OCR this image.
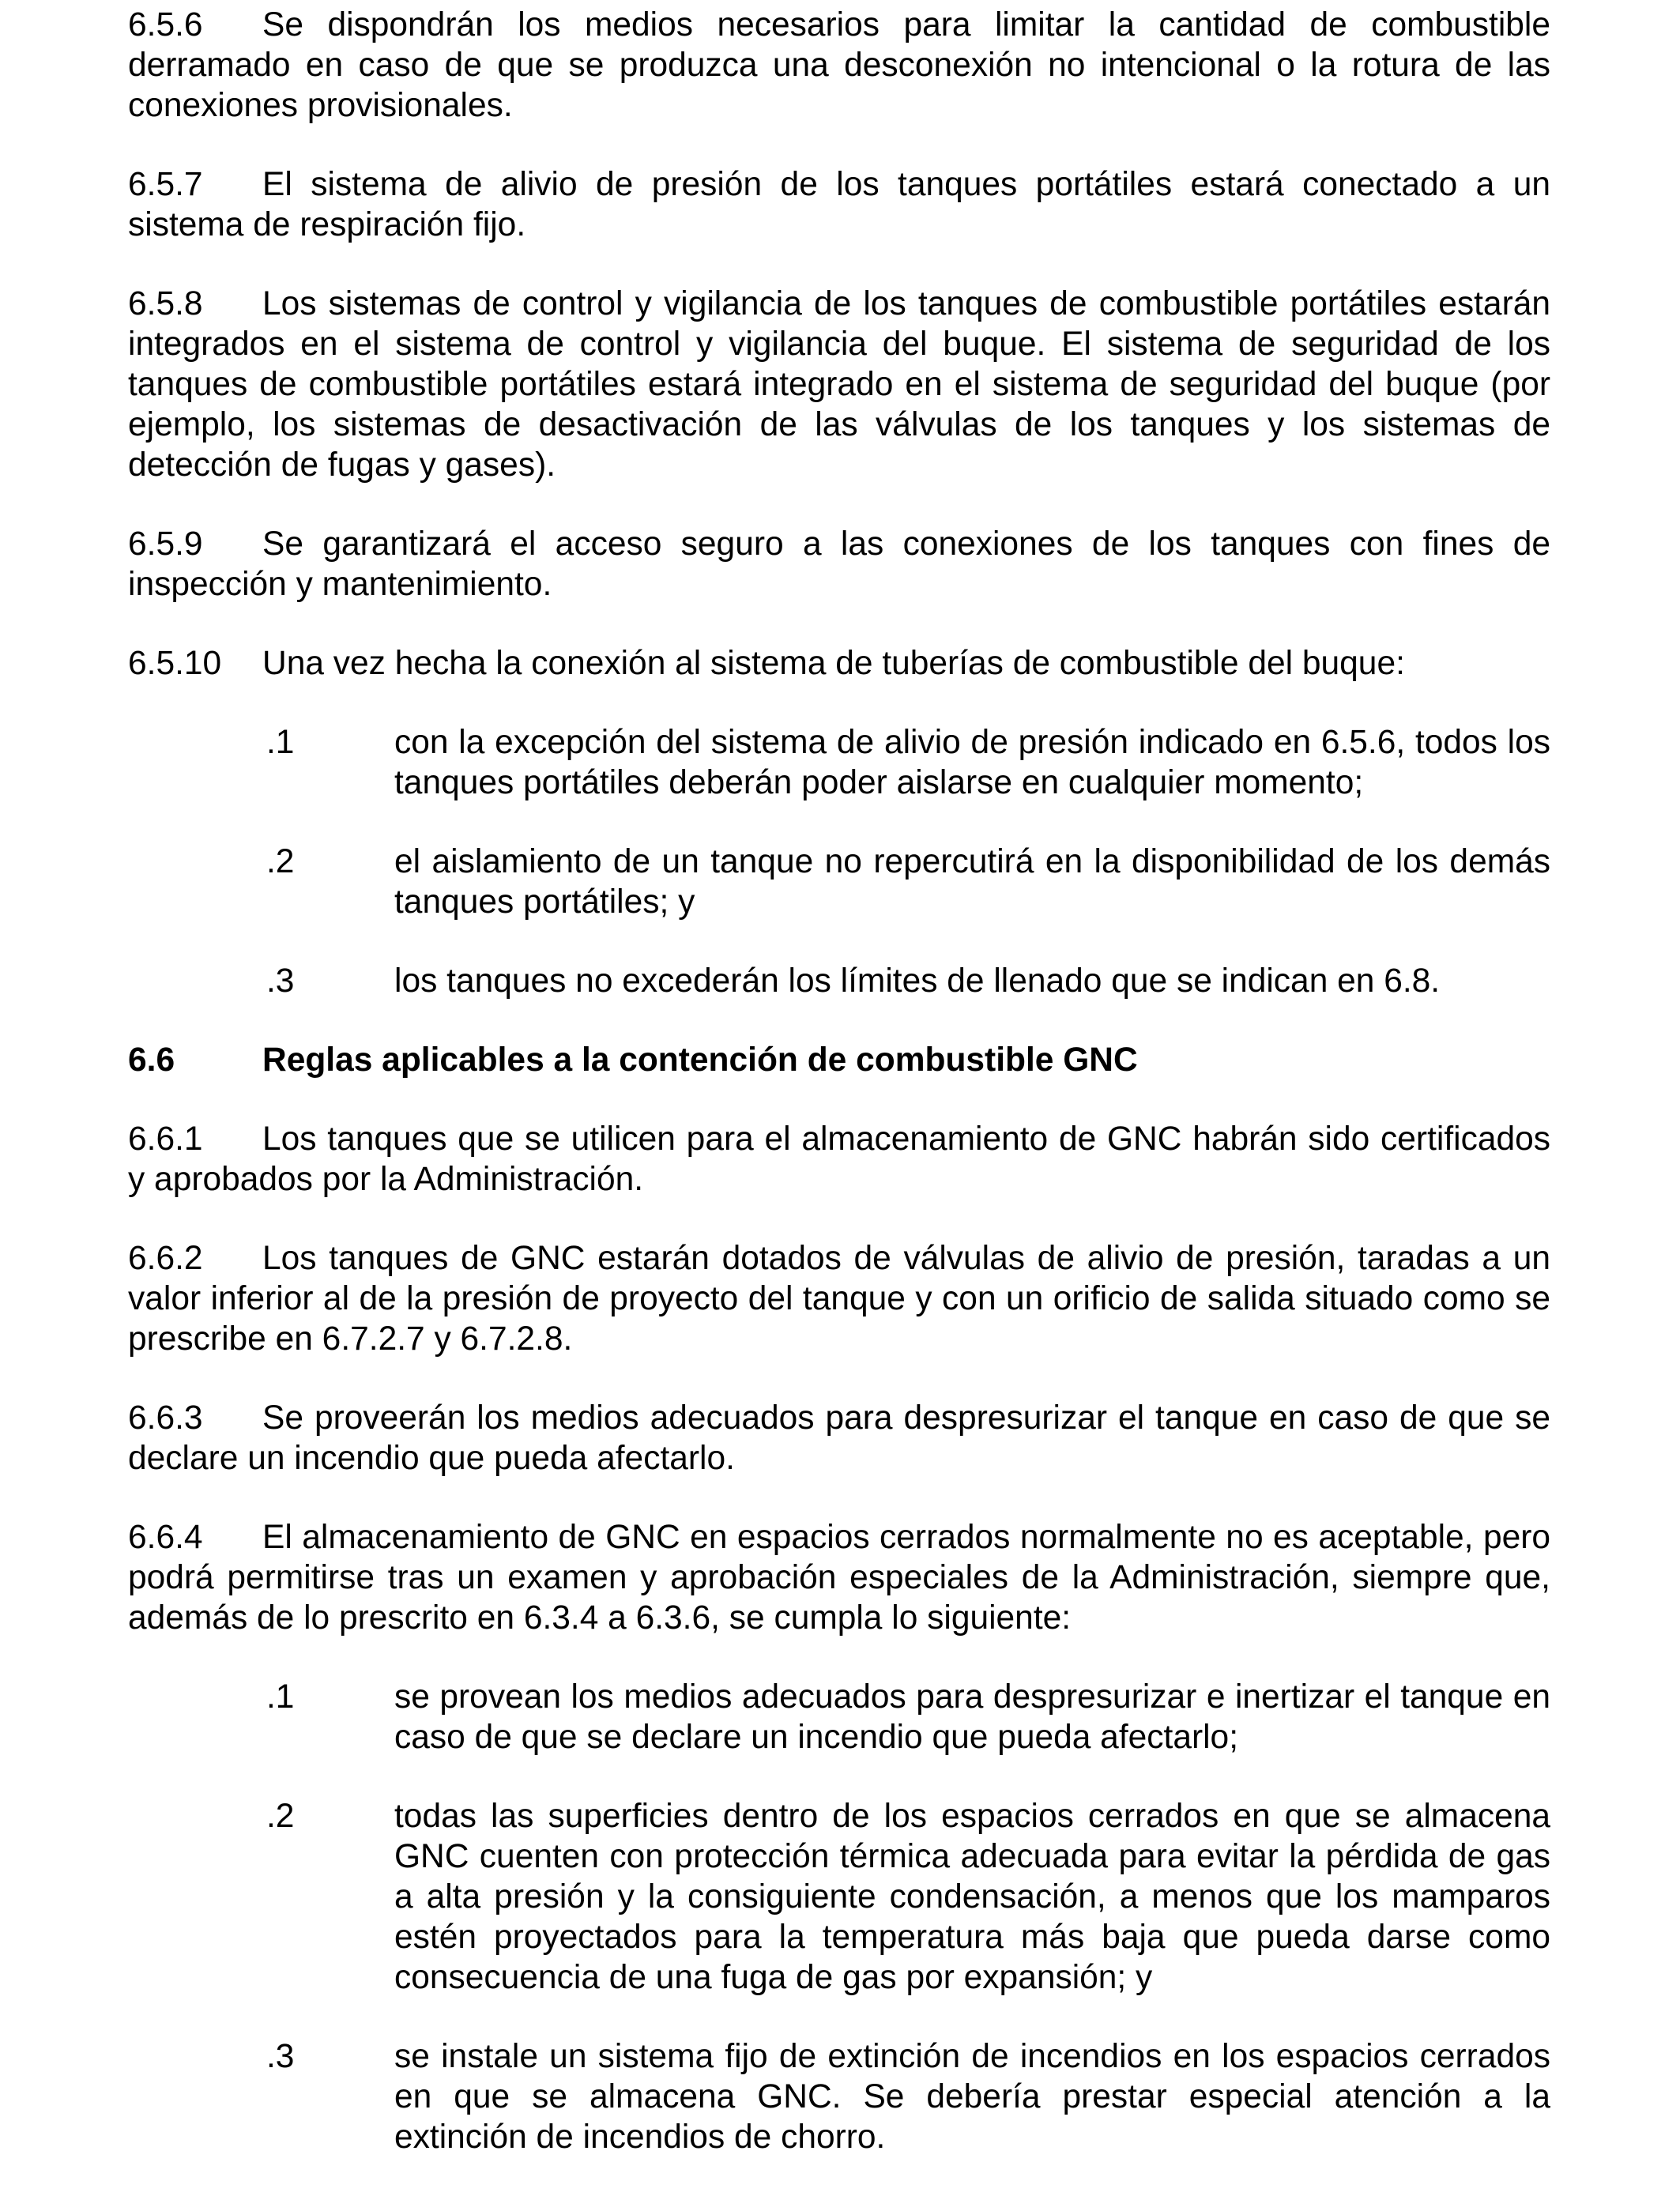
6.5.6 Se dispondrán los medios necesarios para limitar la cantidad de combustible derramado en caso de que se produzca una desconexión no intencional o la rotura de las conexiones provisionales.

6.5.7 El sistema de alivio de presión de los tanques portátiles estará conectado a un sistema de respiración fijo.

6.5.8 Los sistemas de control y vigilancia de los tanques de combustible portátiles estarán integrados en el sistema de control y vigilancia del buque. El sistema de seguridad de los tanques de combustible portátiles estará integrado en el sistema de seguridad del buque (por ejemplo, los sistemas de desactivación de las válvulas de los tanques y los sistemas de detección de fugas y gases).

6.5.9 Se garantizará el acceso seguro a las conexiones de los tanques con fines de inspección y mantenimiento.

6.5.10 Una vez hecha la conexión al sistema de tuberías de combustible del buque:

.1	con la excepción del sistema de alivio de presión indicado en 6.5.6, todos los tanques portátiles deberán poder aislarse en cualquier momento;
.2	el aislamiento de un tanque no repercutirá en la disponibilidad de los demás tanques portátiles; y
.3	los tanques no excederán los límites de llenado que se indican en 6.8.

6.6	Reglas aplicables a la contención de combustible GNC

6.6.1 Los tanques que se utilicen para el almacenamiento de GNC habrán sido certificados y aprobados por la Administración.

6.6.2 Los tanques de GNC estarán dotados de válvulas de alivio de presión, taradas a un valor inferior al de la presión de proyecto del tanque y con un orificio de salida situado como se prescribe en 6.7.2.7 y 6.7.2.8.

6.6.3 Se proveerán los medios adecuados para despresurizar el tanque en caso de que se declare un incendio que pueda afectarlo.

6.6.4 El almacenamiento de GNC en espacios cerrados normalmente no es aceptable, pero podrá permitirse tras un examen y aprobación especiales de la Administración, siempre que, además de lo prescrito en 6.3.4 a 6.3.6, se cumpla lo siguiente:

.1	se provean los medios adecuados para despresurizar e inertizar el tanque en caso de que se declare un incendio que pueda afectarlo;
.2	todas las superficies dentro de los espacios cerrados en que se almacena GNC cuenten con protección térmica adecuada para evitar la pérdida de gas a alta presión y la consiguiente condensación, a menos que los mamparos estén proyectados para la temperatura más baja que pueda darse como consecuencia de una fuga de gas por expansión; y
.3	se instale un sistema fijo de extinción de incendios en los espacios cerrados en que se almacena GNC. Se debería prestar especial atención a la extinción de incendios de chorro.
